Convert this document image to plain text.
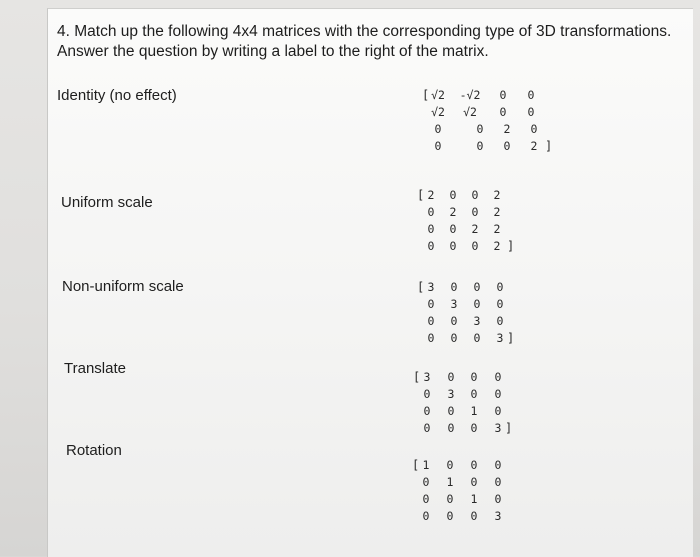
4. Match up the following 4x4 matrices with the corresponding type of 3D transformations.
Answer the question by writing a label to the right of the matrix.
Identity (no effect)
Uniform scale
Non-uniform scale
Translate
Rotation
[
]
√2	-√2	0	0
√2	√2	0	0
0	0	2	0
0	0	0	2
[
]
2	0	0	2
0	2	0	2
0	0	2	2
0	0	0	2
[
]
3	0	0	0
0	3	0	0
0	0	3	0
0	0	0	3
[
]
3	0	0	0
0	3	0	0
0	0	1	0
0	0	0	3
[ 1	0	0	0
0	1	0	0
0	0	1	0
0	0	0	3
